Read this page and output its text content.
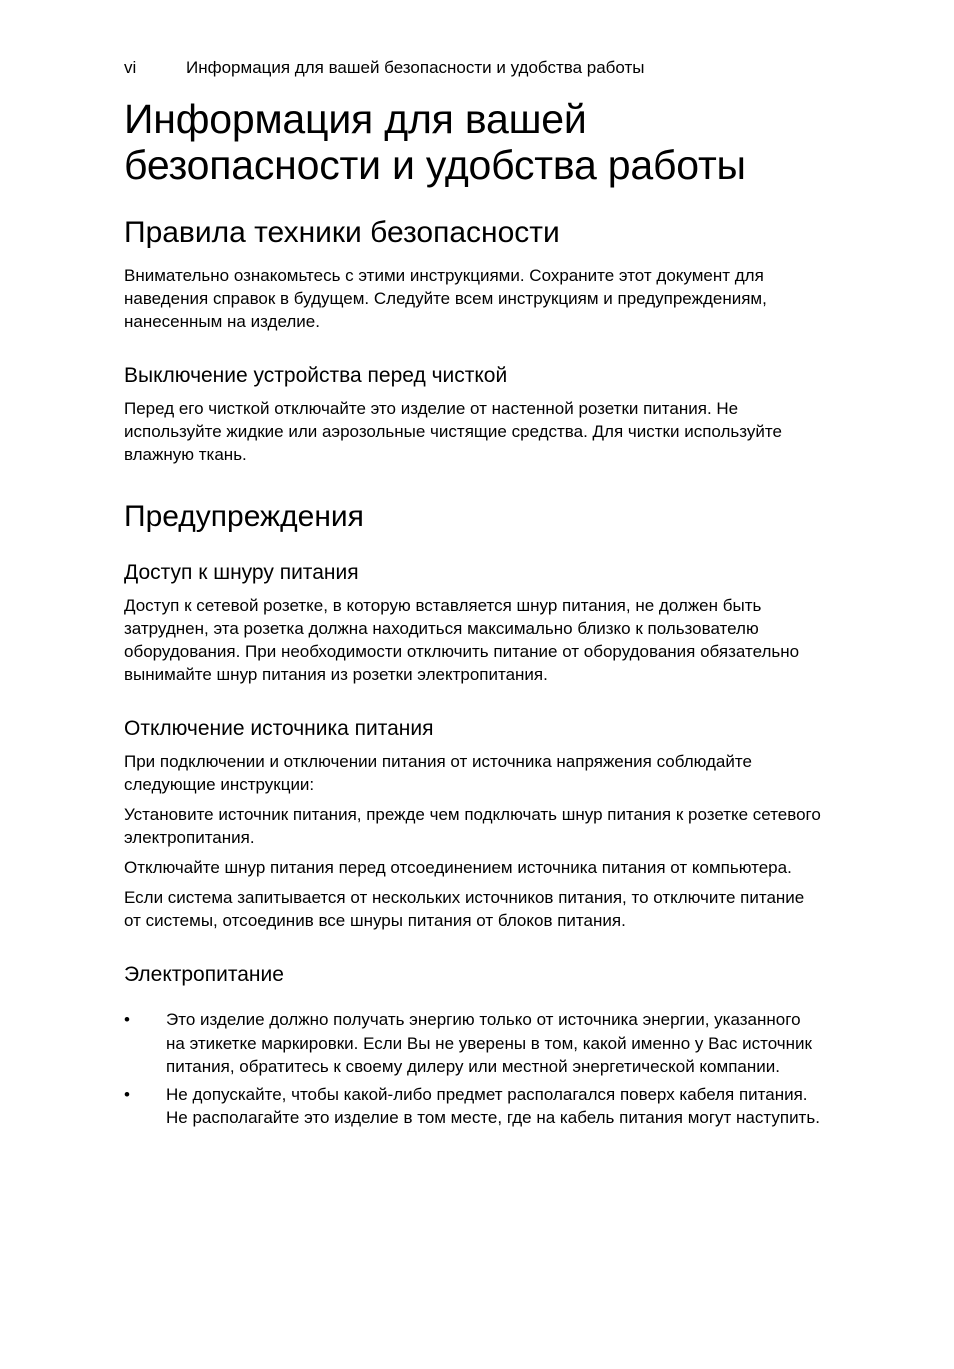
vi	Информация для вашей безопасности и удобства работы
Информация для вашей безопасности и удобства работы
Правила техники безопасности

Внимательно ознакомьтесь с этими инструкциями. Сохраните этот документ для наведения справок в будущем. Следуйте всем инструкциям и предупреждениям, нанесенным на изделие.

Выключение устройства перед чисткой

Перед его чисткой отключайте это изделие от настенной розетки питания. Не используйте жидкие или аэрозольные чистящие средства. Для чистки используйте влажную ткань.

Предупреждения
Доступ к шнуру питания

Доступ к сетевой розетке, в которую вставляется шнур питания, не должен быть затруднен, эта розетка должна находиться максимально близко к пользователю оборудования. При необходимости отключить питание от оборудования обязательно вынимайте шнур питания из розетки электропитания.

Отключение источника питания

При подключении и отключении питания от источника напряжения соблюдайте следующие инструкции:

Установите источник питания, прежде чем подключать шнур питания к розетке сетевого электропитания.

Отключайте шнур питания перед отсоединением источника питания от компьютера.

Если система запитывается от нескольких источников питания, то отключите питание от системы, отсоединив все шнуры питания от блоков питания.

Электропитание
•	Это изделие должно получать энергию только от источника энергии, указанного на этикетке маркировки. Если Вы не уверены в том, какой именно у Вас источник питания, обратитесь к своему дилеру или местной энергетической компании.
•	Не допускайте, чтобы какой-либо предмет располагался поверх кабеля питания. Не располагайте это изделие в том месте, где на кабель питания могут наступить.
